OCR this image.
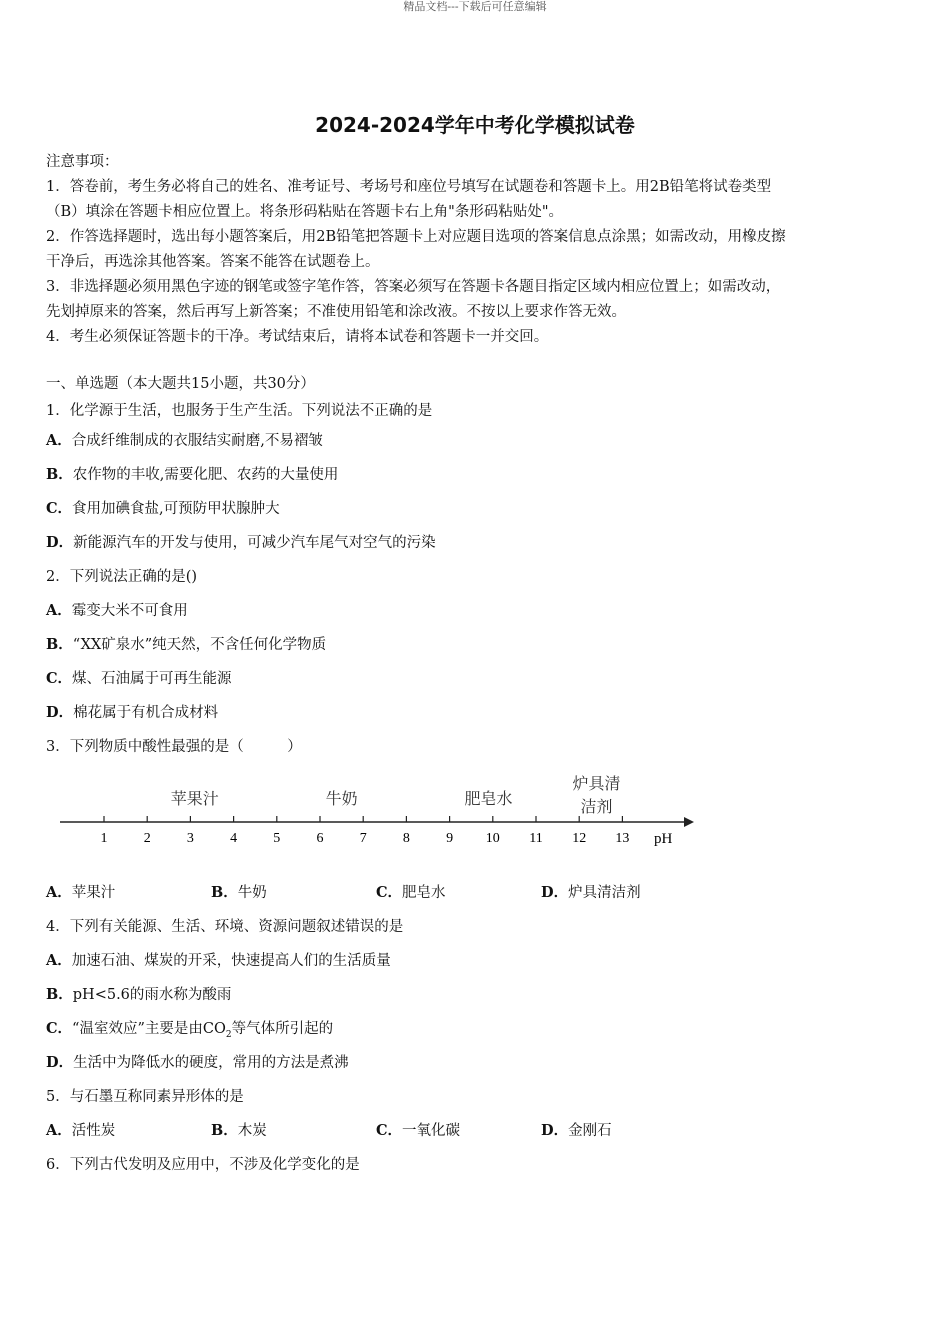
精品文档---下载后可任意编辑
2024-2024学年中考化学模拟试卷
注意事项：
1．答卷前，考生务必将自己的姓名、准考证号、考场号和座位号填写在试题卷和答题卡上。用2B铅笔将试卷类型
（B）填涂在答题卡相应位置上。将条形码粘贴在答题卡右上角"条形码粘贴处"。
2．作答选择题时，选出每小题答案后，用2B铅笔把答题卡上对应题目选项的答案信息点涂黑；如需改动，用橡皮擦
干净后，再选涂其他答案。答案不能答在试题卷上。
3．非选择题必须用黑色字迹的钢笔或签字笔作答，答案必须写在答题卡各题目指定区域内相应位置上；如需改动，
先划掉原来的答案，然后再写上新答案；不准使用铅笔和涂改液。不按以上要求作答无效。
4．考生必须保证答题卡的干净。考试结束后，请将本试卷和答题卡一并交回。
一、单选题（本大题共15小题，共30分）
1．化学源于生活，也服务于生产生活。下列说法不正确的是
A．合成纤维制成的衣服结实耐磨,不易褶皱
B．农作物的丰收,需要化肥、农药的大量使用
C．食用加碘食盐,可预防甲状腺肿大
D．新能源汽车的开发与使用，可减少汽车尾气对空气的污染
2．下列说法正确的是()
A．霉变大米不可食用
B．“XX矿泉水”纯天然，不含任何化学物质
C．煤、石油属于可再生能源
D．棉花属于有机合成材料
3．下列物质中酸性最强的是（　　　）
1	2	3	4	5	6	7	8	9 10 11 12 13
苹果汁	牛奶	肥皂水
炉具清
洁剂
pH
A．苹果汁	B．牛奶	C．肥皂水	D．炉具清洁剂
4．下列有关能源、生活、环境、资源问题叙述错误的是
A．加速石油、煤炭的开采，快速提高人们的生活质量
B．pH<5.6的雨水称为酸雨
C．“温室效应”主要是由$CO_2$等气体所引起的
D．生活中为降低水的硬度，常用的方法是煮沸
5．与石墨互称同素异形体的是
A．活性炭	B．木炭	C．一氧化碳	D．金刚石
6．下列古代发明及应用中，不涉及化学变化的是
